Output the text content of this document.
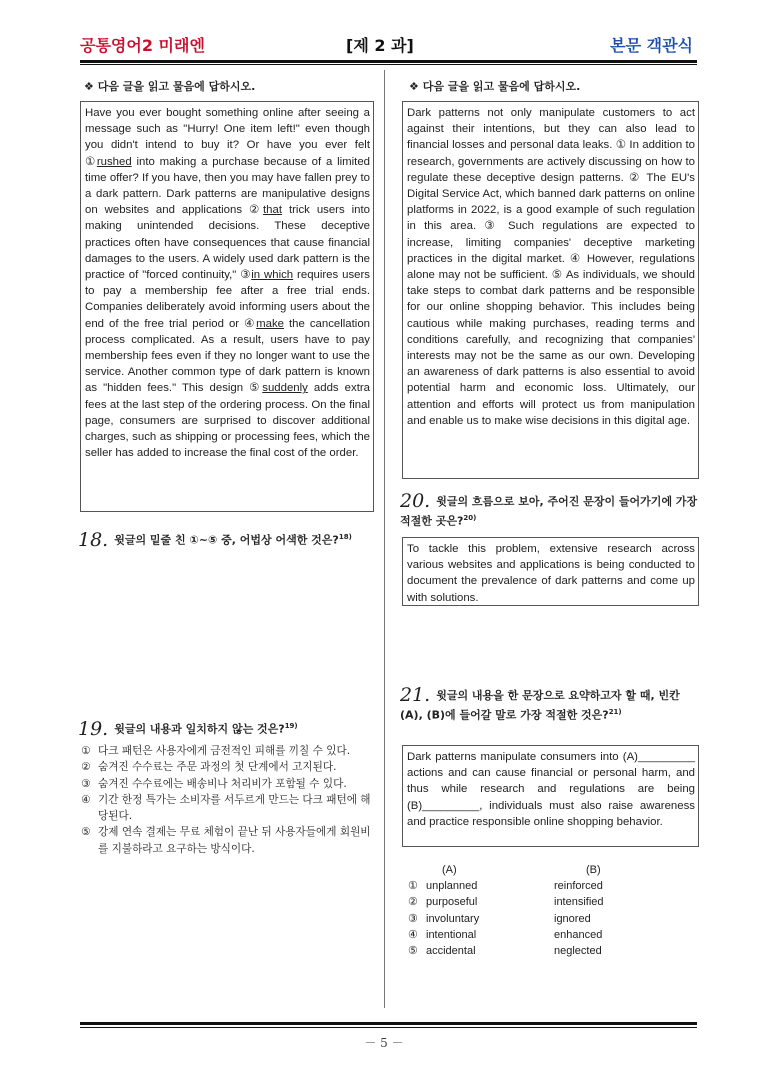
공통영어2 미래엔	[제 2 과]	본문 객관식
❖ 다음 글을 읽고 물음에 답하시오.
Have you ever bought something online after seeing a message such as "Hurry! One item left!" even though you didn't intend to buy it? Or have you ever felt ①rushed into making a purchase because of a limited time offer? If you have, then you may have fallen prey to a dark pattern. Dark patterns are manipulative designs on websites and applications ②that trick users into making unintended decisions. These deceptive practices often have consequences that cause financial damages to the users. A widely used dark pattern is the practice of "forced continuity," ③in which requires users to pay a membership fee after a free trial ends. Companies deliberately avoid informing users about the end of the free trial period or ④make the cancellation process complicated. As a result, users have to pay membership fees even if they no longer want to use the service. Another common type of dark pattern is known as "hidden fees." This design ⑤suddenly adds extra fees at the last step of the ordering process. On the final page, consumers are surprised to discover additional charges, such as shipping or processing fees, which the seller has added to increase the final cost of the order.
18. 윗글의 밑줄 친 ①~⑤ 중, 어법상 어색한 것은?$^{18)}$
19. 윗글의 내용과 일치하지 않는 것은?$^{19)}$
① 다크 패턴은 사용자에게 금전적인 피해를 끼칠 수 있다.
② 숨겨진 수수료는 주문 과정의 첫 단계에서 고지된다.
③ 숨겨진 수수료에는 배송비나 처리비가 포함될 수 있다.
④ 기간 한정 특가는 소비자를 서두르게 만드는 다크 패턴에 해당된다.
⑤ 강제 연속 결제는 무료 체험이 끝난 뒤 사용자들에게 회원비를 지불하라고 요구하는 방식이다.
❖ 다음 글을 읽고 물음에 답하시오.
Dark patterns not only manipulate customers to act against their intentions, but they can also lead to financial losses and personal data leaks. ① In addition to research, governments are actively discussing on how to regulate these deceptive design patterns. ② The EU's Digital Service Act, which banned dark patterns on online platforms in 2022, is a good example of such regulation in this area. ③ Such regulations are expected to increase, limiting companies' deceptive marketing practices in the digital market. ④ However, regulations alone may not be sufficient. ⑤ As individuals, we should take steps to combat dark patterns and be responsible for our online shopping behavior. This includes being cautious while making purchases, reading terms and conditions carefully, and recognizing that companies' interests may not be the same as our own. Developing an awareness of dark patterns is also essential to avoid potential harm and economic loss. Ultimately, our attention and efforts will protect us from manipulation and enable us to make wise decisions in this digital age.
20. 윗글의 흐름으로 보아, 주어진 문장이 들어가기에 가장 적절한 곳은?$^{20)}$
To tackle this problem, extensive research across various websites and applications is being conducted to document the prevalence of dark patterns and come up with solutions.
21. 윗글의 내용을 한 문장으로 요약하고자 할 때, 빈칸 (A), (B)에 들어갈 말로 가장 적절한 것은?$^{21)}$
Dark patterns manipulate consumers into (A)_________ actions and can cause financial or personal harm, and thus while research and regulations are being (B)_________, individuals must also raise awareness and practice responsible online shopping behavior.
(A)	(B)
① unplanned	reinforced
② purposeful	intensified
③ involuntary	ignored
④ intentional	enhanced
⑤ accidental	neglected
－ 5 －
